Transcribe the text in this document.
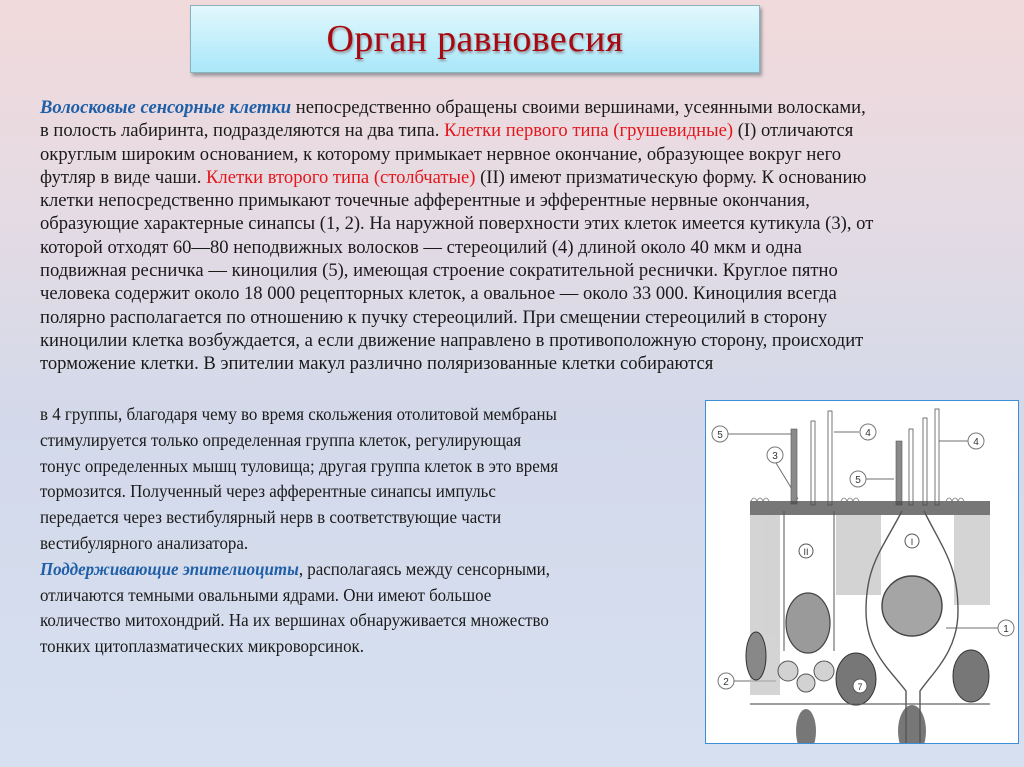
Орган равновесия
Волосковые сенсорные клетки непосредственно обращены своими вершинами, усеянными волосками,
в полость лабиринта, подразделяются на два типа. Клетки первого типа (грушевидные) (I) отличаются
округлым широким основанием, к которому примыкает нервное окончание, образующее вокруг него
футляр в виде чаши. Клетки второго типа (столбчатые) (II) имеют призматическую форму. К основанию
клетки непосредственно примыкают точечные афферентные и эфферентные нервные окончания,
образующие характерные синапсы (1, 2). На наружной поверхности этих клеток имеется кутикула (3), от
которой отходят 60—80 неподвижных волосков — стереоцилий (4) длиной около 40 мкм и одна
подвижная ресничка — киноцилия (5), имеющая строение сократительной реснички. Круглое пятно
человека содержит около 18 000 рецепторных клеток, а овальное — около 33 000. Киноцилия всегда
полярно располагается по отношению к пучку стереоцилий. При смещении стереоцилий в сторону
киноцилии клетка возбуждается, а если движение направлено в противоположную сторону, происходит
торможение клетки. В эпителии макул различно поляризованные клетки собираются
в 4 группы, благодаря чему во время скольжения отолитовой мембраны
стимулируется только определенная группа клеток, регулирующая
тонус определенных мышц туловища; другая группа клеток в это время
тормозится. Полученный через афферентные синапсы импульс
передается через вестибулярный нерв в соответствующие части
вестибулярного анализатора.
Поддерживающие эпителиоциты, располагаясь между сенсорными,
отличаются темными овальными ядрами. Они имеют большое
количество митохондрий. На их вершинах обнаруживается множество
тонких цитоплазматических микроворсинок.
II
I
7
5	4
3
5
4
1
2
